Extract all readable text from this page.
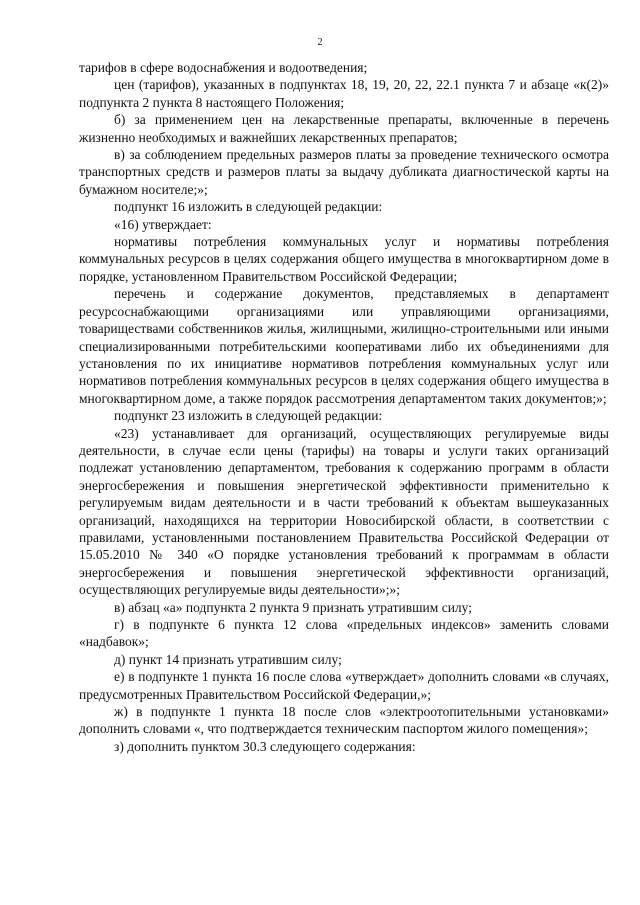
2

тарифов в сфере водоснабжения и водоотведения;

цен (тарифов), указанных в подпунктах 18, 19, 20, 22, 22.1 пункта 7 и абзаце «к(2)» подпункта 2 пункта 8 настоящего Положения;

б) за применением цен на лекарственные препараты, включенные в перечень жизненно необходимых и важнейших лекарственных препаратов;

в) за соблюдением предельных размеров платы за проведение технического осмотра транспортных средств и размеров платы за выдачу дубликата диагностической карты на бумажном носителе;»;

подпункт 16 изложить в следующей редакции:

«16) утверждает:

нормативы потребления коммунальных услуг и нормативы потребления коммунальных ресурсов в целях содержания общего имущества в многоквартирном доме в порядке, установленном Правительством Российской Федерации;

перечень и содержание документов, представляемых в департамент ресурсоснабжающими организациями или управляющими организациями, товариществами собственников жилья, жилищными, жилищно-строительными или иными специализированными потребительскими кооперативами либо их объединениями для установления по их инициативе нормативов потребления коммунальных услуг или нормативов потребления коммунальных ресурсов в целях содержания общего имущества в многоквартирном доме, а также порядок рассмотрения департаментом таких документов;»;

подпункт 23 изложить в следующей редакции:

«23) устанавливает для организаций, осуществляющих регулируемые виды деятельности, в случае если цены (тарифы) на товары и услуги таких организаций подлежат установлению департаментом, требования к содержанию программ в области энергосбережения и повышения энергетической эффективности применительно к регулируемым видам деятельности и в части требований к объектам вышеуказанных организаций, находящихся на территории Новосибирской области, в соответствии с правилами, установленными постановлением Правительства Российской Федерации от 15.05.2010 № 340 «О порядке установления требований к программам в области энергосбережения и повышения энергетической эффективности организаций, осуществляющих регулируемые виды деятельности»;»;

в) абзац «а» подпункта 2 пункта 9 признать утратившим силу;

г) в подпункте 6 пункта 12 слова «предельных индексов» заменить словами «надбавок»;

д) пункт 14 признать утратившим силу;

е) в подпункте 1 пункта 16 после слова «утверждает» дополнить словами «в случаях, предусмотренных Правительством Российской Федерации,»;

ж) в подпункте 1 пункта 18 после слов «электроотопительными установками» дополнить словами «, что подтверждается техническим паспортом жилого помещения»;

з) дополнить пунктом 30.3 следующего содержания:
